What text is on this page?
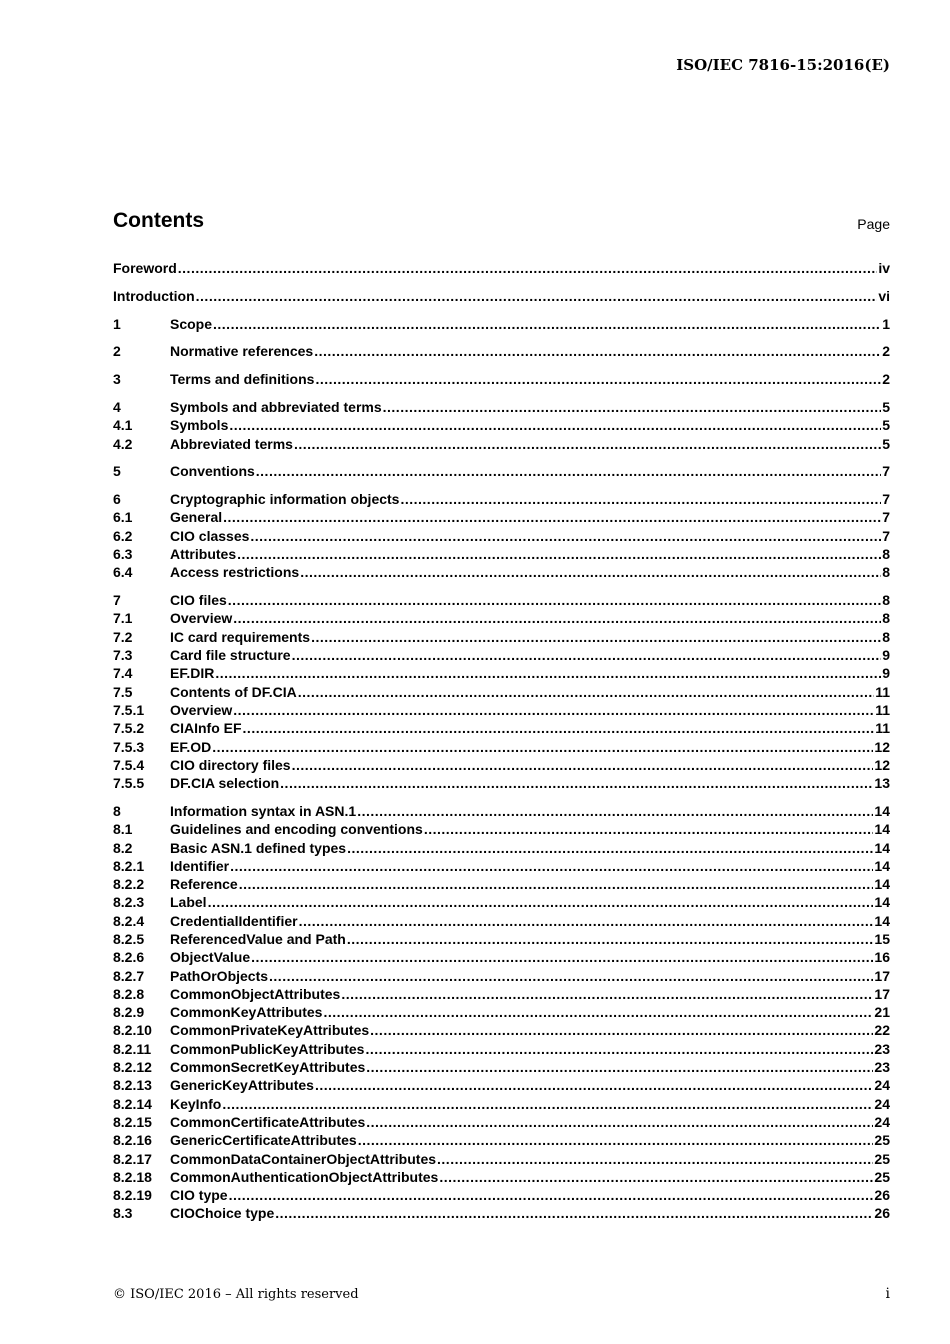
ISO/IEC 7816-15:2016(E)
Contents	Page
Foreword .....	iv
Introduction .....	vi
1	Scope .....	1
2	Normative references .....	2
3	Terms and definitions .....	2
4	Symbols and abbreviated terms .....	5
4.1	Symbols .....	5
4.2	Abbreviated terms .....	5
5	Conventions .....	7
6	Cryptographic information objects .....	7
6.1	General .....	7
6.2	CIO classes .....	7
6.3	Attributes .....	8
6.4	Access restrictions .....	8
7	CIO files .....	8
7.1	Overview .....	8
7.2	IC card requirements .....	8
7.3	Card file structure .....	9
7.4	EF.DIR .....	9
7.5	Contents of DF.CIA .....	11
7.5.1	Overview .....	11
7.5.2	CIAInfo EF .....	11
7.5.3	EF.OD .....	12
7.5.4	CIO directory files .....	12
7.5.5	DF.CIA selection .....	13
8	Information syntax in ASN.1 .....	14
8.1	Guidelines and encoding conventions .....	14
8.2	Basic ASN.1 defined types .....	14
8.2.1	Identifier .....	14
8.2.2	Reference .....	14
8.2.3	Label .....	14
8.2.4	CredentialIdentifier .....	14
8.2.5	ReferencedValue and Path .....	15
8.2.6	ObjectValue .....	16
8.2.7	PathOrObjects .....	17
8.2.8	CommonObjectAttributes .....	17
8.2.9	CommonKeyAttributes .....	21
8.2.10	CommonPrivateKeyAttributes .....	22
8.2.11	CommonPublicKeyAttributes .....	23
8.2.12	CommonSecretKeyAttributes .....	23
8.2.13	GenericKeyAttributes .....	24
8.2.14	KeyInfo .....	24
8.2.15	CommonCertificateAttributes .....	24
8.2.16	GenericCertificateAttributes .....	25
8.2.17	CommonDataContainerObjectAttributes .....	25
8.2.18	CommonAuthenticationObjectAttributes .....	25
8.2.19	CIO type .....	26
8.3	CIOChoice type .....	26
© ISO/IEC 2016 – All rights reserved	i
